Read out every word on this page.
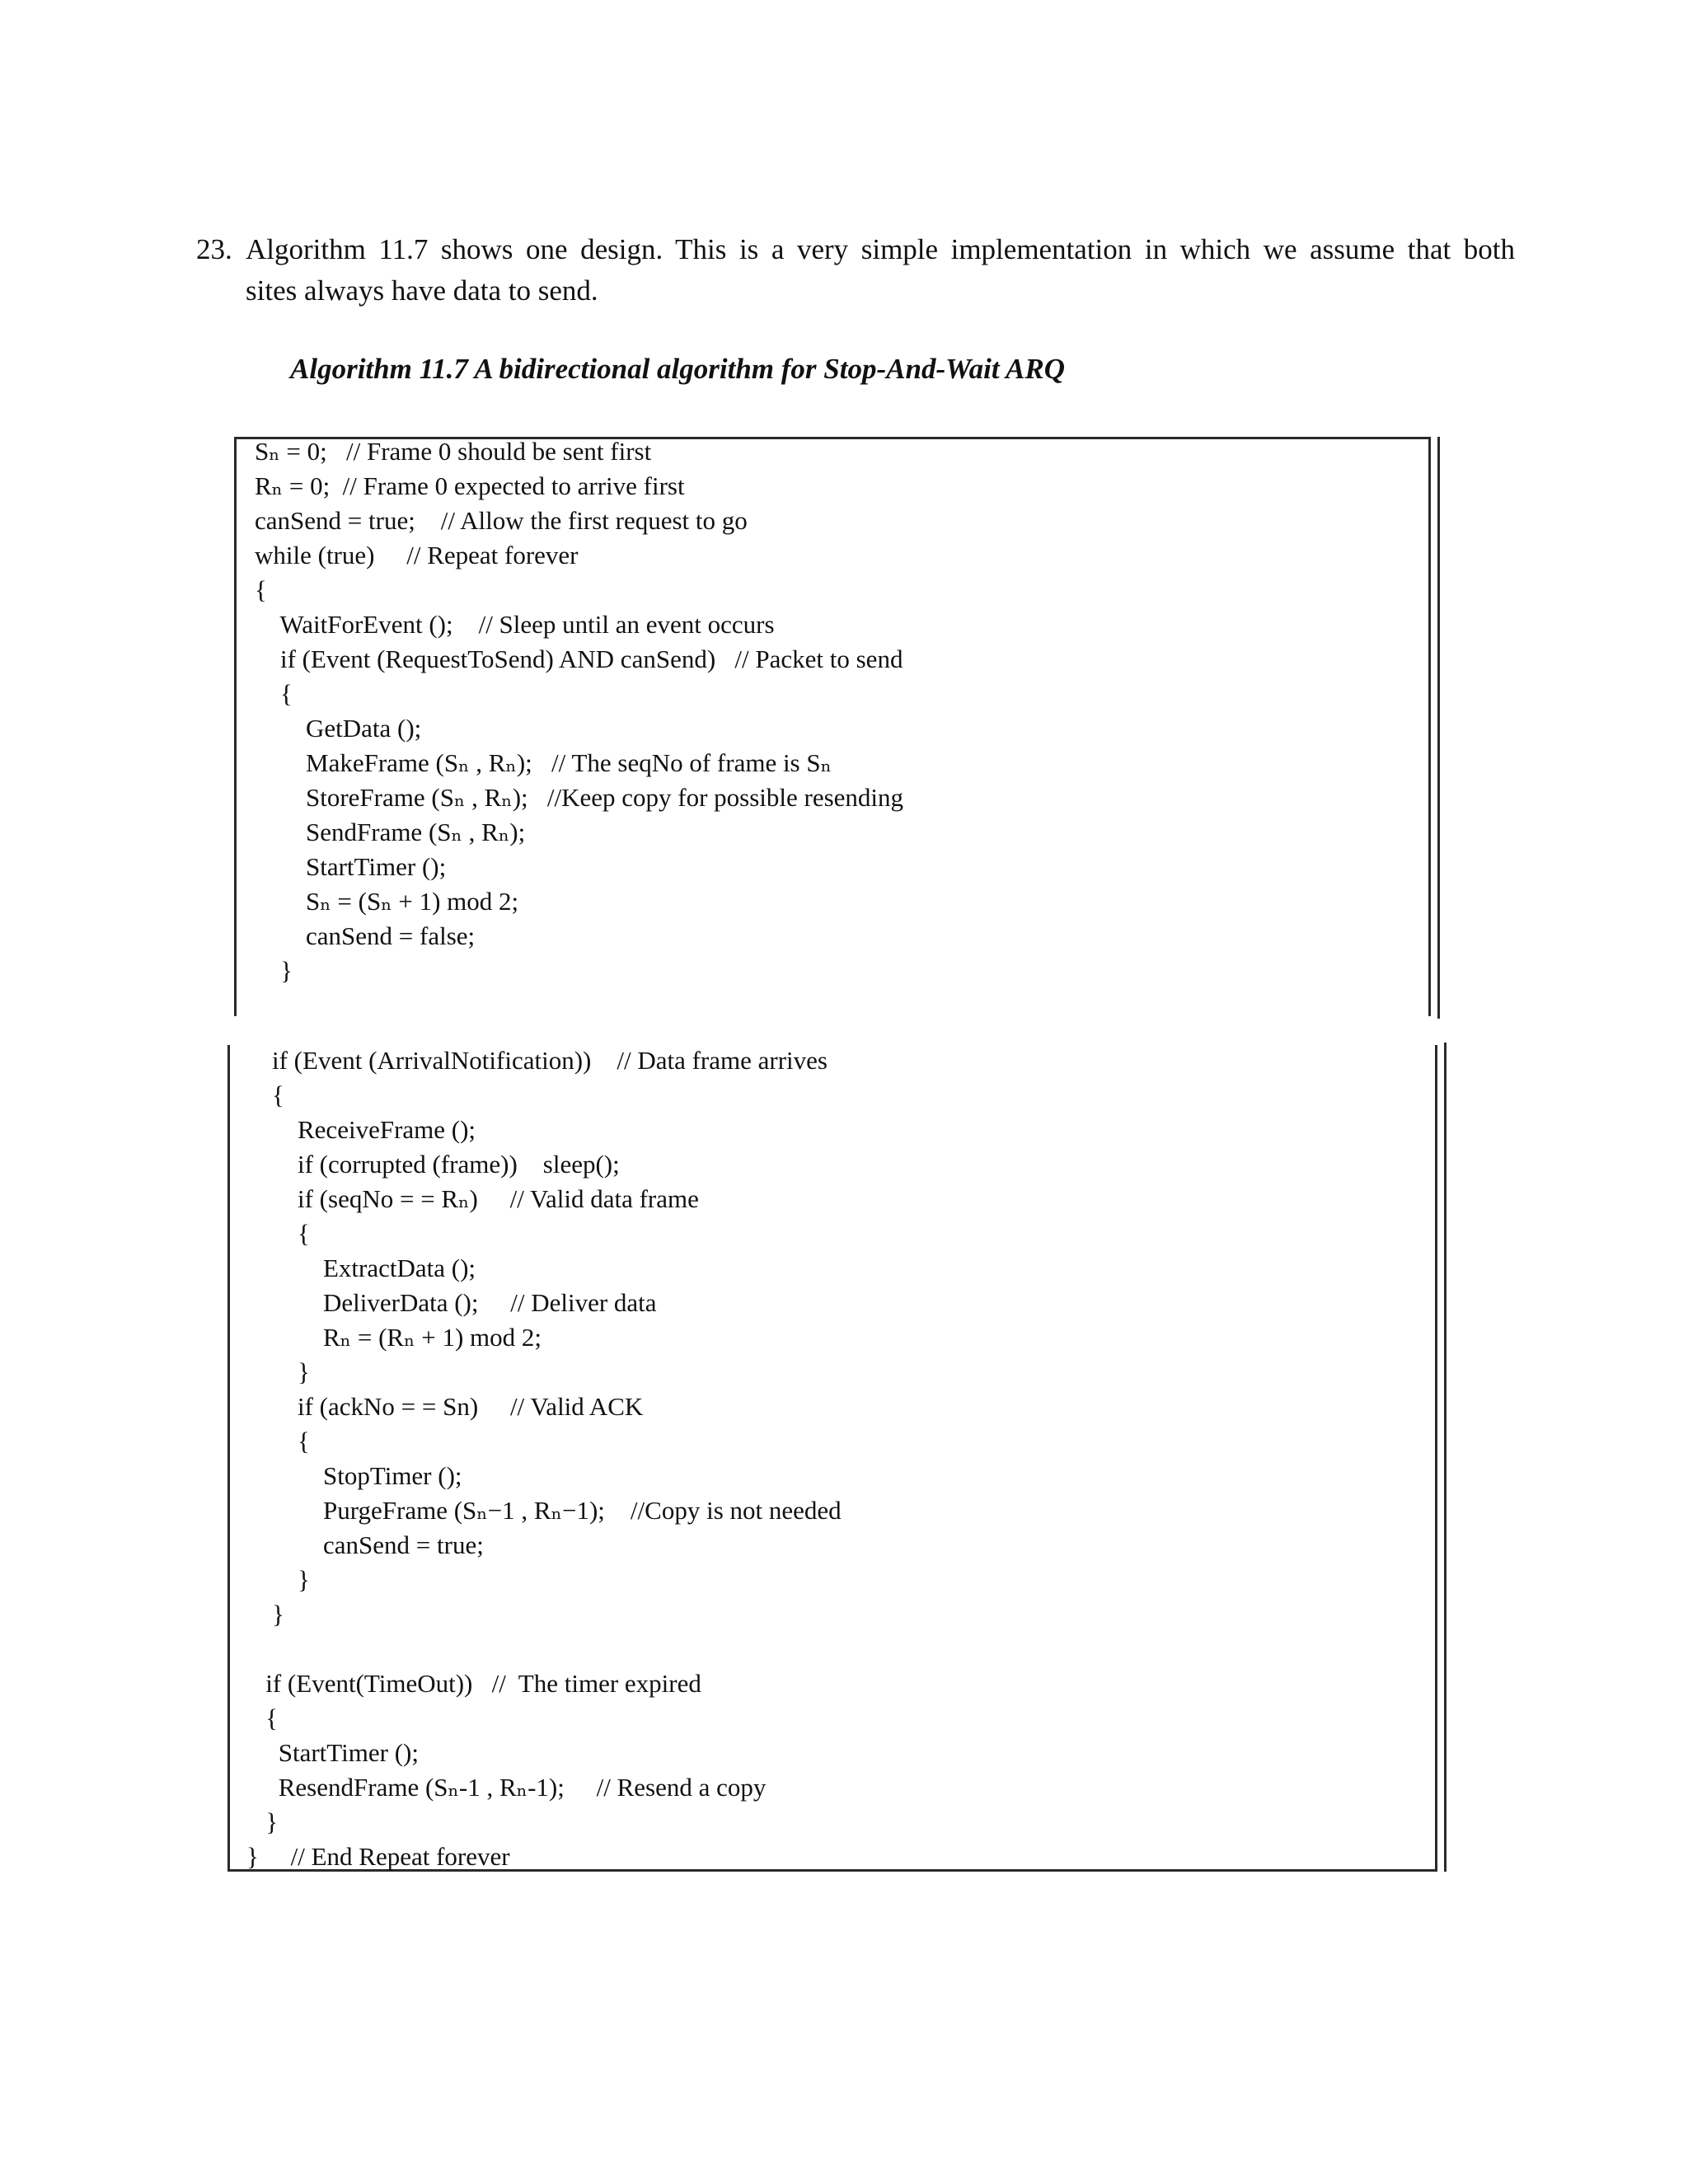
23. Algorithm 11.7 shows one design. This is a very simple implementation in which we assume that both
sites always have data to send.
Algorithm 11.7 A bidirectional algorithm for Stop-And-Wait ARQ
Sₙ = 0;   // Frame 0 should be sent first
Rₙ = 0;  // Frame 0 expected to arrive first
canSend = true;    // Allow the first request to go
while (true)     // Repeat forever
{
WaitForEvent ();    // Sleep until an event occurs
if (Event (RequestToSend) AND canSend)   // Packet to send
{
GetData ();
MakeFrame (Sₙ , Rₙ);   // The seqNo of frame is Sₙ
StoreFrame (Sₙ , Rₙ);   //Keep copy for possible resending
SendFrame (Sₙ , Rₙ);
StartTimer ();
Sₙ = (Sₙ + 1) mod 2;
canSend = false;
}
if (Event (ArrivalNotification))    // Data frame arrives
{
ReceiveFrame ();
if (corrupted (frame))    sleep();
if (seqNo = = Rₙ)     // Valid data frame
{
ExtractData ();
DeliverData ();     // Deliver data
Rₙ = (Rₙ + 1) mod 2;
}
if (ackNo = = Sn)     // Valid ACK
{
StopTimer ();
PurgeFrame (Sₙ−1 , Rₙ−1);    //Copy is not needed
canSend = true;
}
}
if (Event(TimeOut))   //  The timer expired
{
StartTimer ();
ResendFrame (Sₙ-1 , Rₙ-1);     // Resend a copy
}
}     // End Repeat forever
